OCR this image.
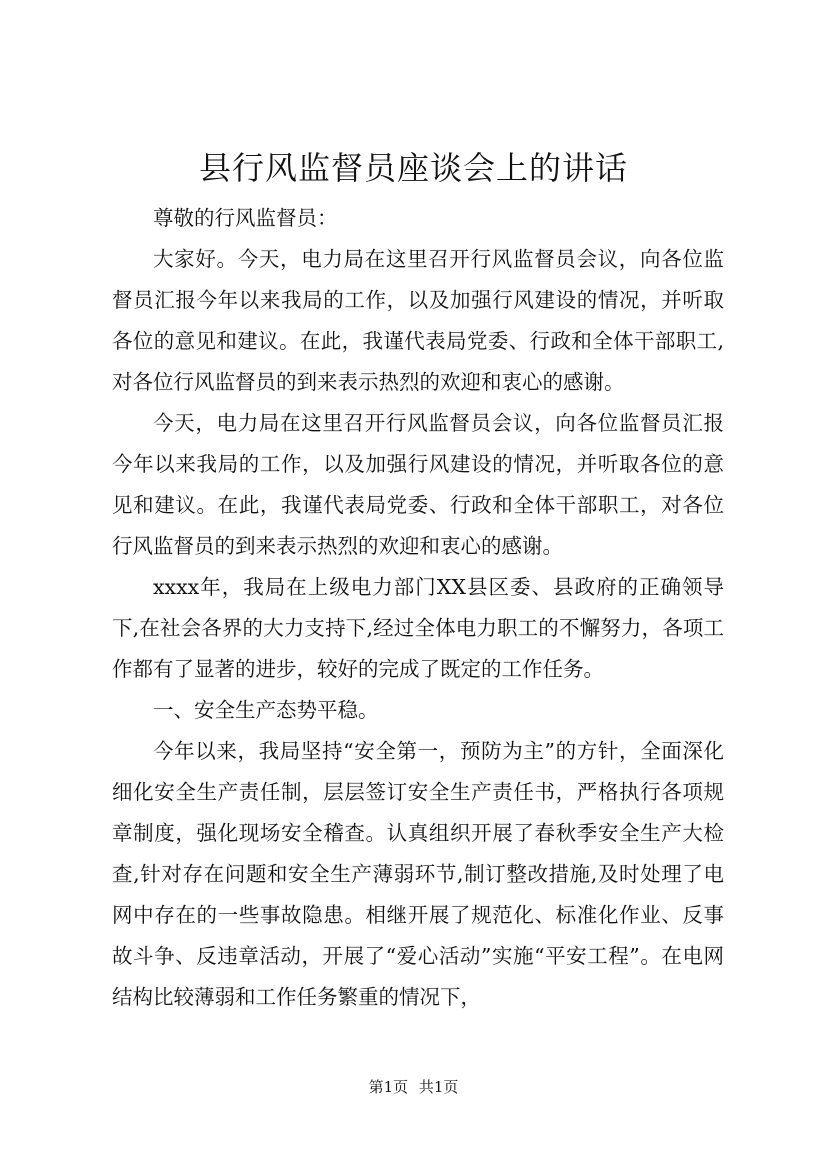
县行风监督员座谈会上的讲话

尊敬的行风监督员：

大家好。今天，电力局在这里召开行风监督员会议，向各位监督员汇报今年以来我局的工作，以及加强行风建设的情况，并听取各位的意见和建议。在此，我谨代表局党委、行政和全体干部职工,对各位行风监督员的到来表示热烈的欢迎和衷心的感谢。

今天，电力局在这里召开行风监督员会议，向各位监督员汇报今年以来我局的工作，以及加强行风建设的情况，并听取各位的意见和建议。在此，我谨代表局党委、行政和全体干部职工，对各位行风监督员的到来表示热烈的欢迎和衷心的感谢。

xxxx年，我局在上级电力部门XX县区委、县政府的正确领导下,在社会各界的大力支持下,经过全体电力职工的不懈努力，各项工作都有了显著的进步，较好的完成了既定的工作任务。

一、安全生产态势平稳。

今年以来，我局坚持“安全第一，预防为主”的方针，全面深化细化安全生产责任制，层层签订安全生产责任书，严格执行各项规章制度，强化现场安全稽查。认真组织开展了春秋季安全生产大检查,针对存在问题和安全生产薄弱环节,制订整改措施,及时处理了电网中存在的一些事故隐患。相继开展了规范化、标准化作业、反事故斗争、反违章活动，开展了“爱心活动”实施“平安工程”。在电网结构比较薄弱和工作任务繁重的情况下，

第1页 共1页
